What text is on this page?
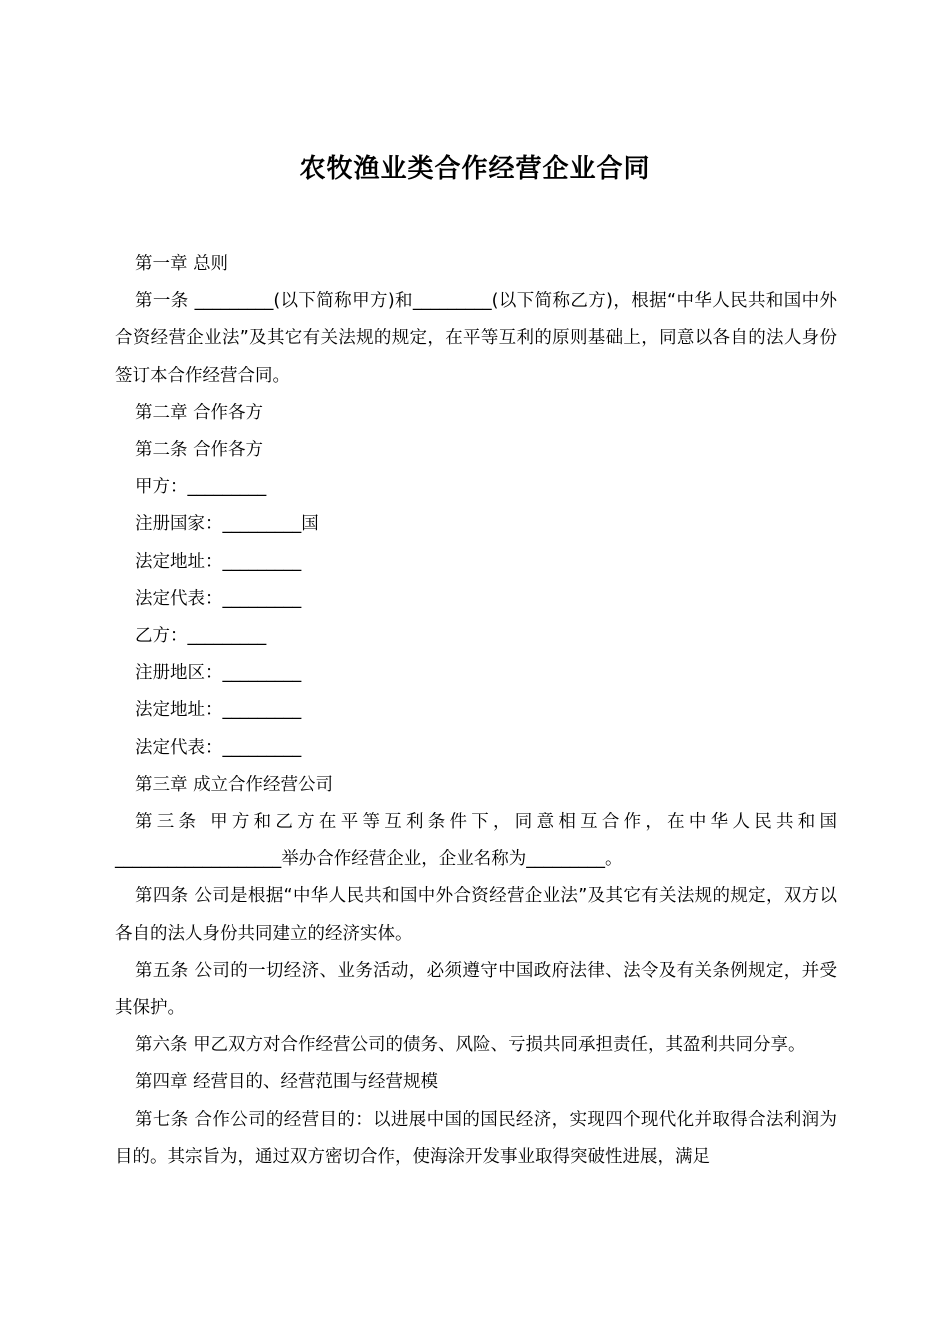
农牧渔业类合作经营企业合同

第一章 总则

第一条 _________(以下简称甲方)和_________(以下简称乙方)，根据“中华人民共和国中外合资经营企业法”及其它有关法规的规定，在平等互利的原则基础上，同意以各自的法人身份签订本合作经营合同。

第二章 合作各方

第二条 合作各方

甲方：_________

注册国家：_________国

法定地址：_________

法定代表：_________

乙方：_________

注册地区：_________

法定地址：_________

法定代表：_________

第三章 成立合作经营公司

第三条 甲方和乙方在平等互利条件下，同意相互合作，在中华人民共和国___________________举办合作经营企业，企业名称为_________。

第四条 公司是根据“中华人民共和国中外合资经营企业法”及其它有关法规的规定，双方以各自的法人身份共同建立的经济实体。

第五条 公司的一切经济、业务活动，必须遵守中国政府法律、法令及有关条例规定，并受其保护。

第六条 甲乙双方对合作经营公司的债务、风险、亏损共同承担责任，其盈利共同分享。

第四章 经营目的、经营范围与经营规模

第七条 合作公司的经营目的：以进展中国的国民经济，实现四个现代化并取得合法利润为目的。其宗旨为，通过双方密切合作，使海涂开发事业取得突破性进展，满足
